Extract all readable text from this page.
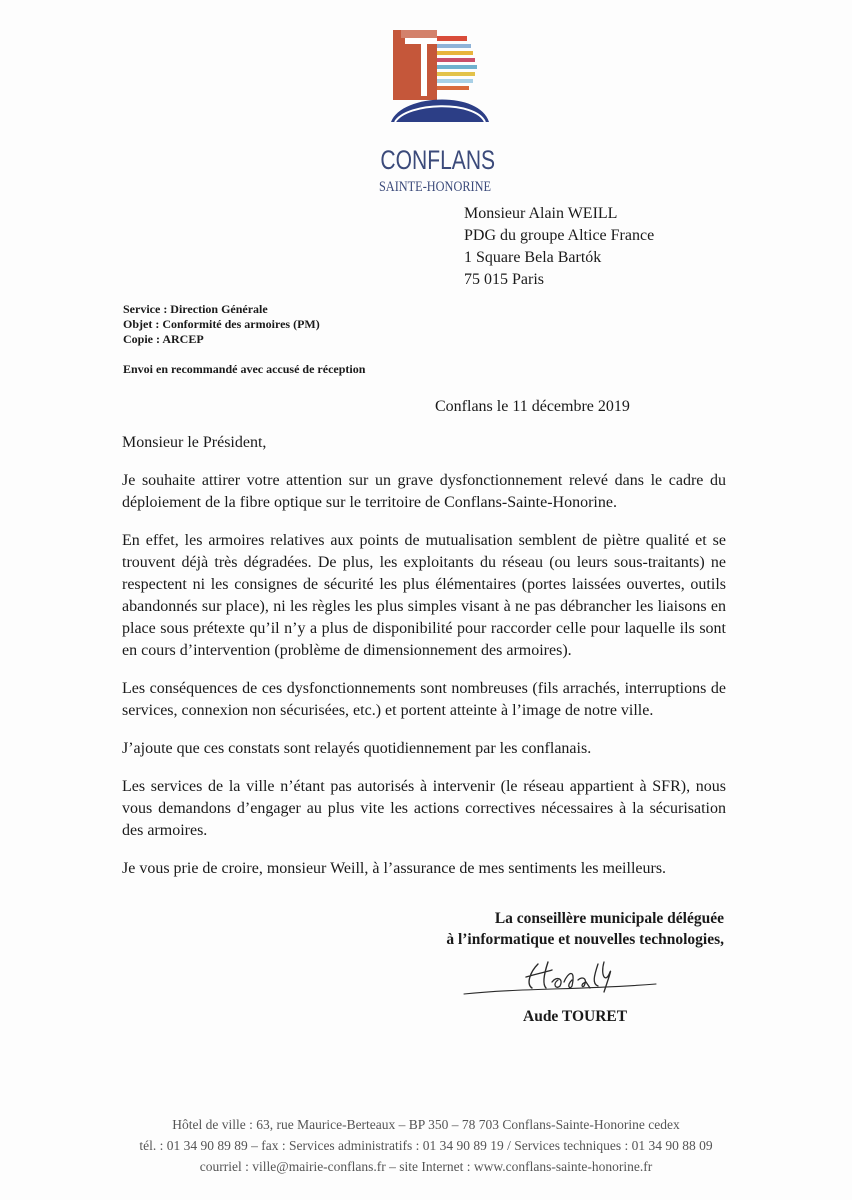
CONFLANS
SAINTE-HONORINE
Monsieur Alain WEILL
PDG du groupe Altice France
1 Square Bela Bartók
75 015 Paris
Service : Direction Générale
Objet : Conformité des armoires (PM)
Copie : ARCEP
Envoi en recommandé avec accusé de réception
Conflans le 11 décembre 2019

Monsieur le Président,

Je souhaite attirer votre attention sur un grave dysfonctionnement relevé dans le cadre du déploiement de la fibre optique sur le territoire de Conflans-Sainte-Honorine.

En effet, les armoires relatives aux points de mutualisation semblent de piètre qualité et se trouvent déjà très dégradées. De plus, les exploitants du réseau (ou leurs sous-traitants) ne respectent ni les consignes de sécurité les plus élémentaires (portes laissées ouvertes, outils abandonnés sur place), ni les règles les plus simples visant à ne pas débrancher les liaisons en place sous prétexte qu’il n’y a plus de disponibilité pour raccorder celle pour laquelle ils sont en cours d’intervention (problème de dimensionnement des armoires).

Les conséquences de ces dysfonctionnements sont nombreuses (fils arrachés, interruptions de services, connexion non sécurisées, etc.) et portent atteinte à l’image de notre ville.

J’ajoute que ces constats sont relayés quotidiennement par les conflanais.

Les services de la ville n’étant pas autorisés à intervenir (le réseau appartient à SFR), nous vous demandons d’engager au plus vite les actions correctives nécessaires à la sécurisation des armoires.

Je vous prie de croire, monsieur Weill, à l’assurance de mes sentiments les meilleurs.

La conseillère municipale déléguée
à l’informatique et nouvelles technologies,
Aude TOURET
Hôtel de ville : 63, rue Maurice-Berteaux – BP 350 – 78 703 Conflans-Sainte-Honorine cedex
tél. : 01 34 90 89 89 – fax : Services administratifs : 01 34 90 89 19 / Services techniques : 01 34 90 88 09
courriel : ville@mairie-conflans.fr – site Internet : www.conflans-sainte-honorine.fr
